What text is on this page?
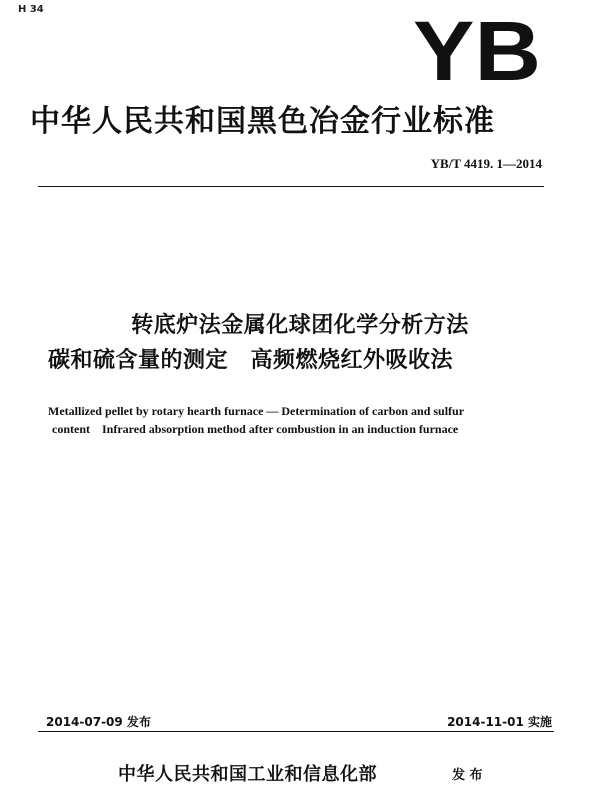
H 34	YB
中华人民共和国黑色冶金行业标准
YB/T 4419. 1—2014
转底炉法金属化球团化学分析方法
碳和硫含量的测定　高频燃烧红外吸收法
Metallized pellet by rotary hearth furnace — Determination of carbon and sulfur
content    Infrared absorption method after combustion in an induction furnace
2014-07-09 发布	2014-11-01 实施
中华人民共和国工业和信息化部	发 布
